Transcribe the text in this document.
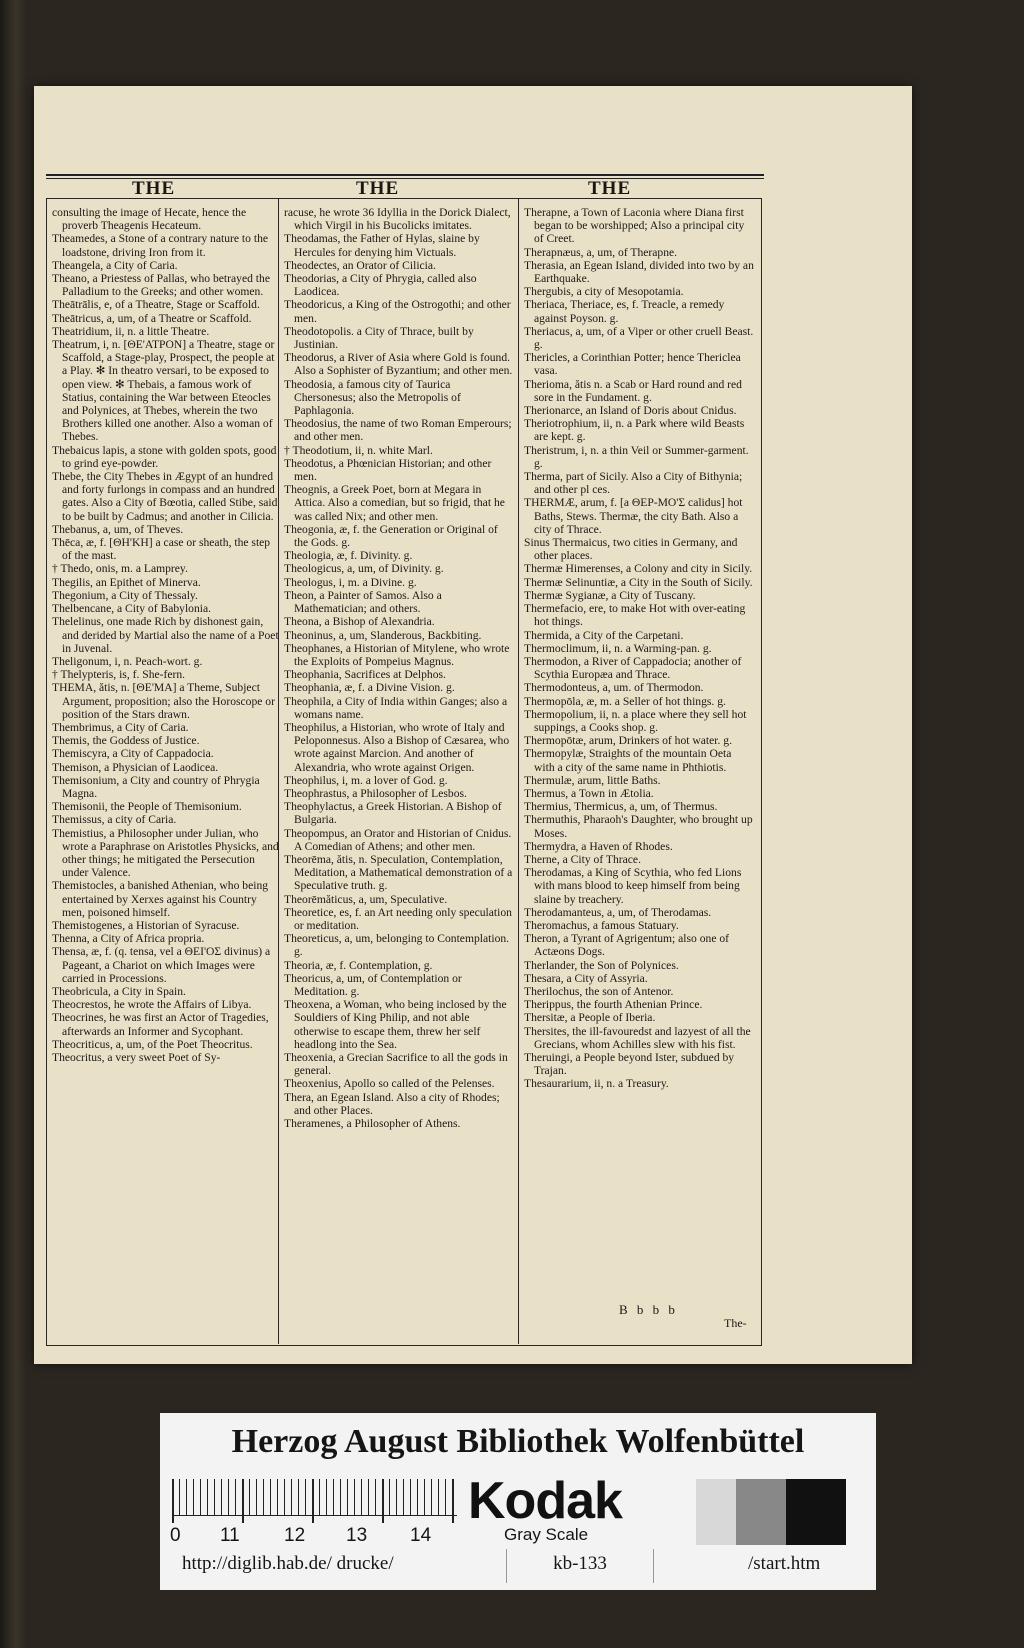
THE	THE	THE

consulting the image of Hecate, hence the proverb Theagenis Hecateum.

Theamedes, a Stone of a contrary nature to the loadstone, driving Iron from it.

Theangela, a City of Caria.

Theano, a Priestess of Pallas, who betrayed the Palladium to the Greeks; and other women.

Theātrālis, e, of a Theatre, Stage or Scaffold.

Theātricus, a, um, of a Theatre or Scaffold.

Theatridium, ii, n. a little Theatre.

Theatrum, i, n. [ΘΕ'ΑΤΡΟΝ] a Theatre, stage or Scaffold, a Stage-play, Prospect, the people at a Play. ✻ In theatro versari, to be exposed to open view. ✻ Thebais, a famous work of Statius, containing the War between Eteocles and Polynices, at Thebes, wherein the two Brothers killed one another. Also a woman of Thebes.

Thebaicus lapis, a stone with golden spots, good to grind eye-powder.

Thebe, the City Thebes in Ægypt of an hundred and forty furlongs in compass and an hundred gates. Also a City of Bœotia, called Stibe, said to be built by Cadmus; and another in Cilicia.

Thebanus, a, um, of Theves.

Thēca, æ, f. [ΘΗ'ΚΗ] a case or sheath, the step of the mast.

† Thedo, onis, m. a Lamprey.

Thegilis, an Epithet of Minerva.

Thegonium, a City of Thessaly.

Thelbencane, a City of Babylonia.

Thelelinus, one made Rich by dishonest gain, and derided by Martial also the name of a Poet in Juvenal.

Theligonum, i, n. Peach-wort. g.

† Thelypteris, is, f. She-fern.

THEMA, ătis, n. [ΘΕ'ΜΑ] a Theme, Subject Argument, proposition; also the Horoscope or position of the Stars drawn.

Thembrimus, a City of Caria.

Themis, the Goddess of Justice.

Themiscyra, a City of Cappadocia.

Themison, a Physician of Laodicea.

Themisonium, a City and country of Phrygia Magna.

Themisonii, the People of Themisonium.

Themissus, a city of Caria.

Themistius, a Philosopher under Julian, who wrote a Paraphrase on Aristotles Physicks, and other things; he mitigated the Persecution under Valence.

Themistocles, a banished Athenian, who being entertained by Xerxes against his Country men, poisoned himself.

Themistogenes, a Historian of Syracuse.

Thenna, a City of Africa propria.

Thensa, æ, f. (q. tensa, vel a ΘΕΙ'ΟΣ divinus) a Pageant, a Chariot on which Images were carried in Processions.

Theobricula, a City in Spain.

Theocrestos, he wrote the Affairs of Libya.

Theocrines, he was first an Actor of Tragedies, afterwards an Informer and Sycophant.

Theocriticus, a, um, of the Poet Theocritus.

Theocritus, a very sweet Poet of Sy-

racuse, he wrote 36 Idyllia in the Dorick Dialect, which Virgil in his Bucolicks imitates.

Theodamas, the Father of Hylas, slaine by Hercules for denying him Victuals.

Theodectes, an Orator of Cilicia.

Theodorias, a City of Phrygia, called also Laodicea.

Theodoricus, a King of the Ostrogothi; and other men.

Theodotopolis. a City of Thrace, built by Justinian.

Theodorus, a River of Asia where Gold is found. Also a Sophister of Byzantium; and other men.

Theodosia, a famous city of Taurica Chersonesus; also the Metropolis of Paphlagonia.

Theodosius, the name of two Roman Emperours; and other men.

† Theodotium, ii, n. white Marl.

Theodotus, a Phœnician Historian; and other men.

Theognis, a Greek Poet, born at Megara in Attica. Also a comedian, but so frigid, that he was called Nix; and other men.

Theogonia, æ, f. the Generation or Original of the Gods. g.

Theologia, æ, f. Divinity. g.

Theologicus, a, um, of Divinity. g.

Theologus, i, m. a Divine. g.

Theon, a Painter of Samos. Also a Mathematician; and others.

Theona, a Bishop of Alexandria.

Theoninus, a, um, Slanderous, Backbiting.

Theophanes, a Historian of Mitylene, who wrote the Exploits of Pompeius Magnus.

Theophania, Sacrifices at Delphos.

Theophania, æ, f. a Divine Vision. g.

Theophila, a City of India within Ganges; also a womans name.

Theophilus, a Historian, who wrote of Italy and Peloponnesus. Also a Bishop of Cæsarea, who wrote against Marcion. And another of Alexandria, who wrote against Origen.

Theophilus, i, m. a lover of God. g.

Theophrastus, a Philosopher of Lesbos.

Theophylactus, a Greek Historian. A Bishop of Bulgaria.

Theopompus, an Orator and Historian of Cnidus. A Comedian of Athens; and other men.

Theorēma, ătis, n. Speculation, Contemplation, Meditation, a Mathematical demonstration of a Speculative truth. g.

Theorēmăticus, a, um, Speculative.

Theoretice, es, f. an Art needing only speculation or meditation.

Theoreticus, a, um, belonging to Contemplation. g.

Theoria, æ, f. Contemplation, g.

Theoricus, a, um, of Contemplation or Meditation. g.

Theoxena, a Woman, who being inclosed by the Souldiers of King Philip, and not able otherwise to escape them, threw her self headlong into the Sea.

Theoxenia, a Grecian Sacrifice to all the gods in general.

Theoxenius, Apollo so called of the Pelenses.

Thera, an Egean Island. Also a city of Rhodes; and other Places.

Theramenes, a Philosopher of Athens.

Therapne, a Town of Laconia where Diana first began to be worshipped; Also a principal city of Creet.

Therapnæus, a, um, of Therapne.

Therasia, an Egean Island, divided into two by an Earthquake.

Thergubis, a city of Mesopotamia.

Theriaca, Theriace, es, f. Treacle, a remedy against Poyson. g.

Theriacus, a, um, of a Viper or other cruell Beast. g.

Thericles, a Corinthian Potter; hence Thericlea vasa.

Therioma, ătis n. a Scab or Hard round and red sore in the Fundament. g.

Therionarce, an Island of Doris about Cnidus.

Theriotrophium, ii, n. a Park where wild Beasts are kept. g.

Theristrum, i, n. a thin Veil or Summer-garment. g.

Therma, part of Sicily. Also a City of Bithynia; and other pl ces.

THERMÆ, arum, f. [a ΘΕΡ-ΜΟ'Σ calidus] hot Baths, Stews. Thermæ, the city Bath. Also a city of Thrace.

Sinus Thermaicus, two cities in Germany, and other places.

Thermæ Himerenses, a Colony and city in Sicily.

Thermæ Selinuntiæ, a City in the South of Sicily.

Thermæ Sygianæ, a City of Tuscany.

Thermefacio, ere, to make Hot with over-eating hot things.

Thermida, a City of the Carpetani.

Thermoclimum, ii, n. a Warming-pan. g.

Thermodon, a River of Cappadocia; another of Scythia Europæa and Thrace.

Thermodonteus, a, um. of Thermodon.

Thermopōla, æ, m. a Seller of hot things. g.

Thermopolium, ii, n. a place where they sell hot suppings, a Cooks shop. g.

Thermopōtæ, arum, Drinkers of hot water. g.

Thermopylæ, Straights of the mountain Oeta with a city of the same name in Phthiotis.

Thermulæ, arum, little Baths.

Thermus, a Town in Ætolia.

Thermius, Thermicus, a, um, of Thermus.

Thermuthis, Pharaoh's Daughter, who brought up Moses.

Thermydra, a Haven of Rhodes.

Therne, a City of Thrace.

Therodamas, a King of Scythia, who fed Lions with mans blood to keep himself from being slaine by treachery.

Therodamanteus, a, um, of Therodamas.

Theromachus, a famous Statuary.

Theron, a Tyrant of Agrigentum; also one of Actæons Dogs.

Therlander, the Son of Polynices.

Thesara, a City of Assyria.

Therilochus, the son of Antenor.

Therippus, the fourth Athenian Prince.

Thersitæ, a People of Iberia.

Thersites, the ill-favouredst and lazyest of all the Grecians, whom Achilles slew with his fist.

Theruingi, a People beyond Ister, subdued by Trajan.

Thesaurarium, ii, n. a Treasury.

B b b b
The-
Herzog August Bibliothek Wolfenbüttel
0 11 12 13 14
Kodak
Gray Scale
http://diglib.hab.de/ drucke/	kb-133	/start.htm
